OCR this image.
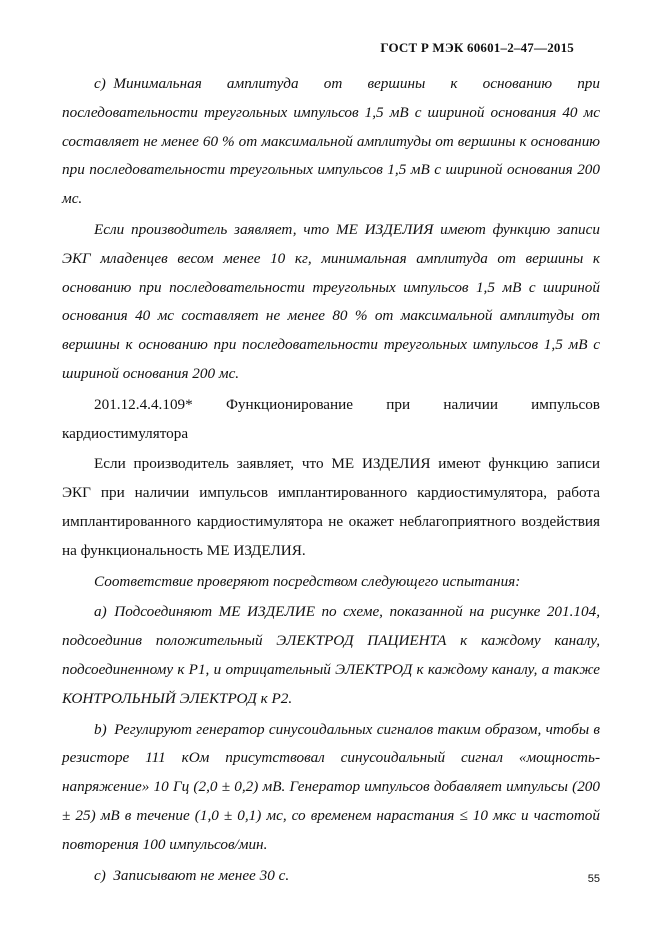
ГОСТ Р МЭК 60601–2–47—2015

c) Минимальная амплитуда от вершины к основанию при последовательности треугольных импульсов 1,5 мВ с шириной основания 40 мс составляет не менее 60 % от максимальной амплитуды от вершины к основанию при последовательности треугольных импульсов 1,5 мВ с шириной основания 200 мс.

Если производитель заявляет, что МЕ ИЗДЕЛИЯ имеют функцию записи ЭКГ младенцев весом менее 10 кг, минимальная амплитуда от вершины к основанию при последовательности треугольных импульсов 1,5 мВ с шириной основания 40 мс составляет не менее 80 % от максимальной амплитуды от вершины к основанию при последовательности треугольных импульсов 1,5 мВ с шириной основания 200 мс.

201.12.4.4.109* Функционирование при наличии импульсов
кардиостимулятора

Если производитель заявляет, что МЕ ИЗДЕЛИЯ имеют функцию записи ЭКГ при наличии импульсов имплантированного кардиостимулятора, работа имплантированного кардиостимулятора не окажет неблагоприятного воздействия на функциональность МЕ ИЗДЕЛИЯ.

Соответствие проверяют посредством следующего испытания:

a) Подсоединяют МЕ ИЗДЕЛИЕ по схеме, показанной на рисунке 201.104, подсоединив положительный ЭЛЕКТРОД ПАЦИЕНТА к каждому каналу, подсоединенному к P1, и отрицательный ЭЛЕКТРОД к каждому каналу, а также КОНТРОЛЬНЫЙ ЭЛЕКТРОД к P2.

b) Регулируют генератор синусоидальных сигналов таким образом, чтобы в резисторе 111 кОм присутствовал синусоидальный сигнал «мощность-напряжение» 10 Гц (2,0 ± 0,2) мВ. Генератор импульсов добавляет импульсы (200 ± 25) мВ в течение (1,0 ± 0,1) мс, со временем нарастания ≤ 10 мкс и частотой повторения 100 импульсов/мин.

c) Записывают не менее 30 с.	55
